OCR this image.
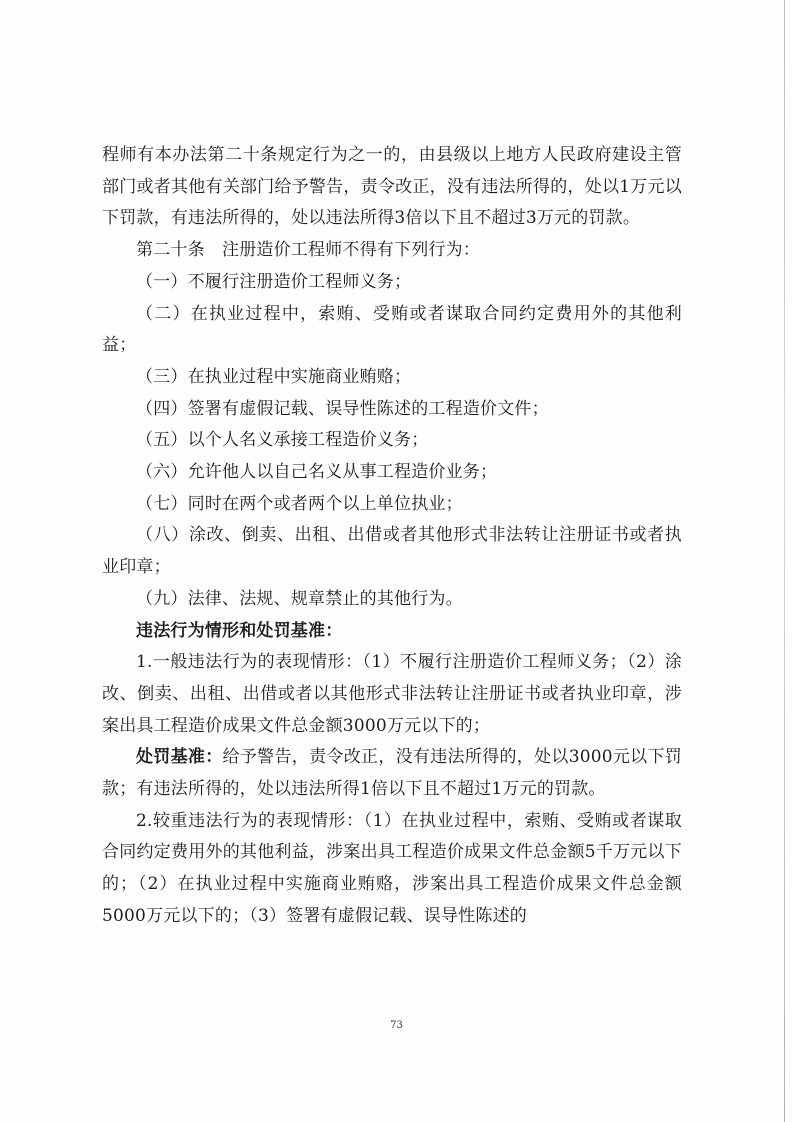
程师有本办法第二十条规定行为之一的，由县级以上地方人民政府建设主管部门或者其他有关部门给予警告，责令改正，没有违法所得的，处以1万元以下罚款，有违法所得的，处以违法所得3倍以下且不超过3万元的罚款。

第二十条　注册造价工程师不得有下列行为：

（一）不履行注册造价工程师义务；

（二）在执业过程中，索贿、受贿或者谋取合同约定费用外的其他利益；

（三）在执业过程中实施商业贿赂；

（四）签署有虚假记载、误导性陈述的工程造价文件；

（五）以个人名义承接工程造价义务；

（六）允许他人以自己名义从事工程造价业务；

（七）同时在两个或者两个以上单位执业；

（八）涂改、倒卖、出租、出借或者其他形式非法转让注册证书或者执业印章；

（九）法律、法规、规章禁止的其他行为。

违法行为情形和处罚基准：

1.一般违法行为的表现情形：（1）不履行注册造价工程师义务；（2）涂改、倒卖、出租、出借或者以其他形式非法转让注册证书或者执业印章，涉案出具工程造价成果文件总金额3000万元以下的；

处罚基准：给予警告，责令改正，没有违法所得的，处以3000元以下罚款；有违法所得的，处以违法所得1倍以下且不超过1万元的罚款。

2.较重违法行为的表现情形：（1）在执业过程中，索贿、受贿或者谋取合同约定费用外的其他利益，涉案出具工程造价成果文件总金额5千万元以下的；（2）在执业过程中实施商业贿赂，涉案出具工程造价成果文件总金额5000万元以下的；（3）签署有虚假记载、误导性陈述的

73
